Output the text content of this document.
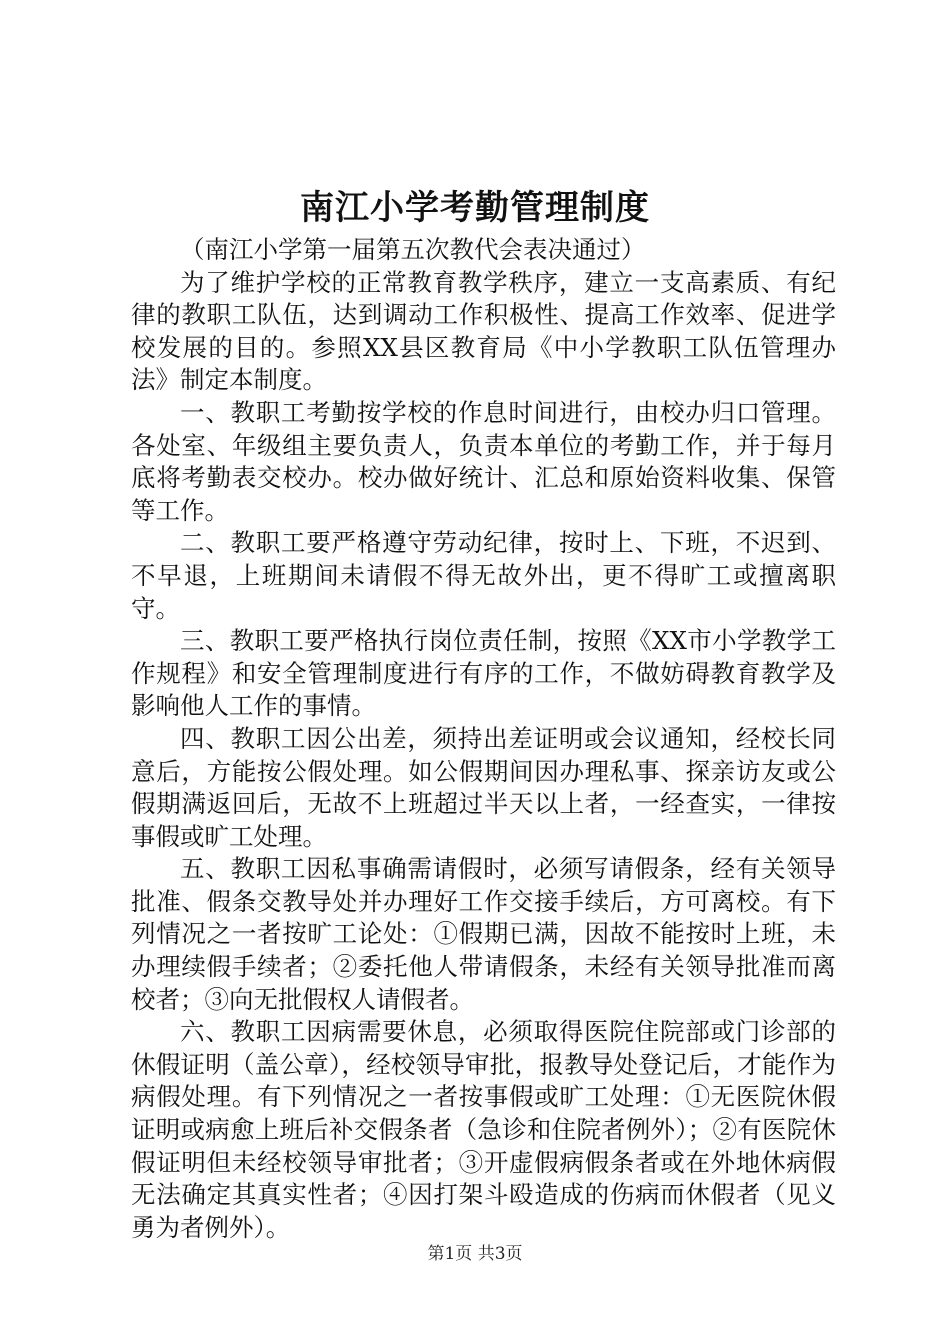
南江小学考勤管理制度

（南江小学第一届第五次教代会表决通过）

为了维护学校的正常教育教学秩序，建立一支高素质、有纪律的教职工队伍，达到调动工作积极性、提高工作效率、促进学校发展的目的。参照XX县区教育局《中小学教职工队伍管理办法》制定本制度。

一、教职工考勤按学校的作息时间进行，由校办归口管理。各处室、年级组主要负责人，负责本单位的考勤工作，并于每月底将考勤表交校办。校办做好统计、汇总和原始资料收集、保管等工作。

二、教职工要严格遵守劳动纪律，按时上、下班，不迟到、不早退，上班期间未请假不得无故外出，更不得旷工或擅离职守。

三、教职工要严格执行岗位责任制，按照《XX市小学教学工作规程》和安全管理制度进行有序的工作，不做妨碍教育教学及影响他人工作的事情。

四、教职工因公出差，须持出差证明或会议通知，经校长同意后，方能按公假处理。如公假期间因办理私事、探亲访友或公假期满返回后，无故不上班超过半天以上者，一经查实，一律按事假或旷工处理。

五、教职工因私事确需请假时，必须写请假条，经有关领导批准、假条交教导处并办理好工作交接手续后，方可离校。有下列情况之一者按旷工论处：①假期已满，因故不能按时上班，未办理续假手续者；②委托他人带请假条，未经有关领导批准而离校者；③向无批假权人请假者。

六、教职工因病需要休息，必须取得医院住院部或门诊部的休假证明（盖公章），经校领导审批，报教导处登记后，才能作为病假处理。有下列情况之一者按事假或旷工处理：①无医院休假证明或病愈上班后补交假条者（急诊和住院者例外）；②有医院休假证明但未经校领导审批者；③开虚假病假条者或在外地休病假无法确定其真实性者；④因打架斗殴造成的伤病而休假者（见义勇为者例外）。

第1页 共3页
